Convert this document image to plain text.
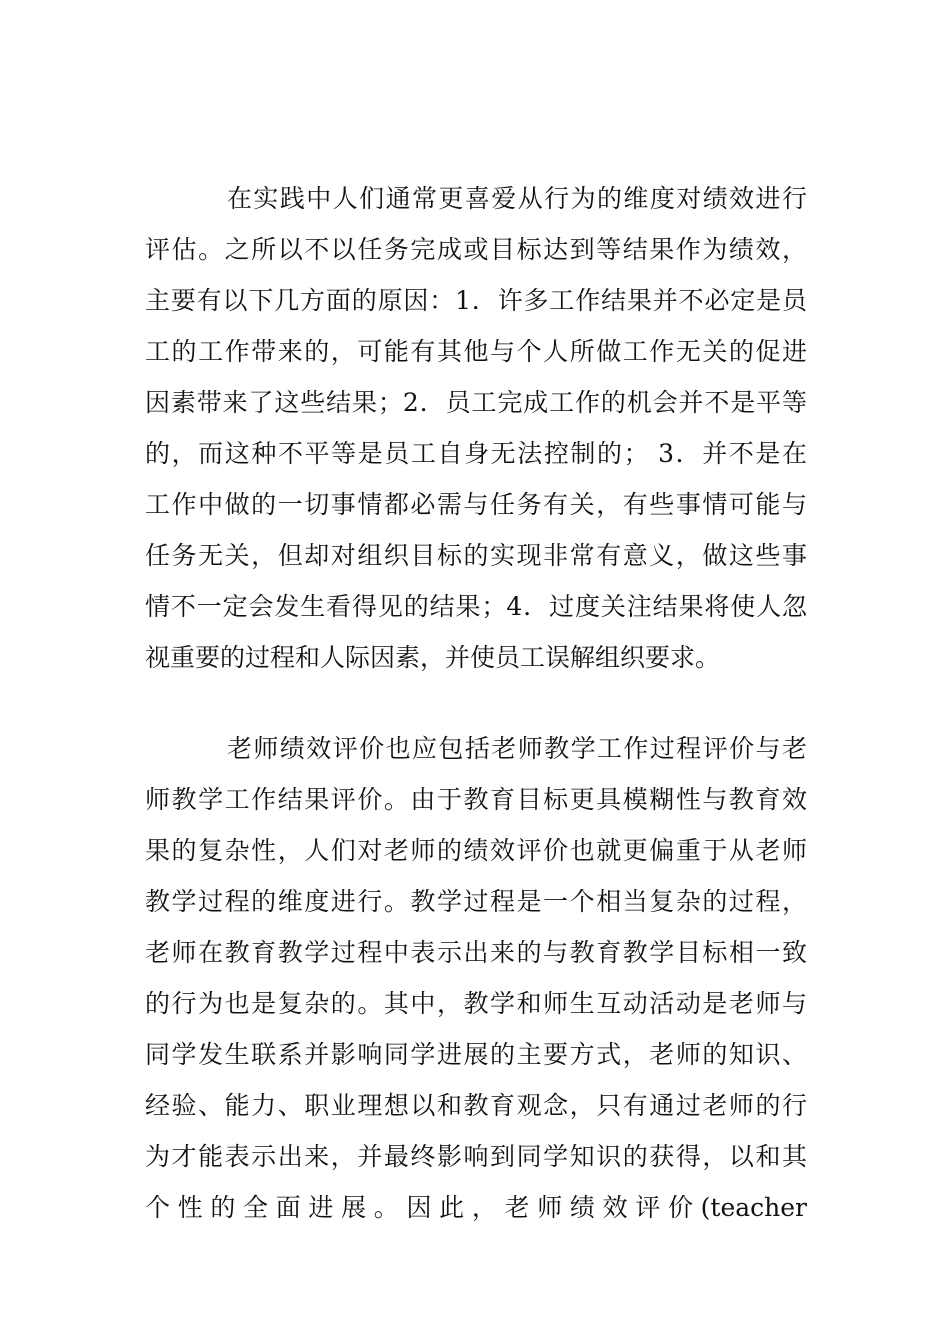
在实践中人们通常更喜爱从行为的维度对绩效进行
评估。之所以不以任务完成或目标达到等结果作为绩效，
主要有以下几方面的原因：1．许多工作结果并不必定是员
工的工作带来的，可能有其他与个人所做工作无关的促进
因素带来了这些结果；2．员工完成工作的机会并不是平等
的，而这种不平等是员工自身无法控制的； 3．并不是在
工作中做的一切事情都必需与任务有关，有些事情可能与
任务无关，但却对组织目标的实现非常有意义，做这些事
情不一定会发生看得见的结果；4．过度关注结果将使人忽
视重要的过程和人际因素，并使员工误解组织要求。
老师绩效评价也应包括老师教学工作过程评价与老
师教学工作结果评价。由于教育目标更具模糊性与教育效
果的复杂性，人们对老师的绩效评价也就更偏重于从老师
教学过程的维度进行。教学过程是一个相当复杂的过程，
老师在教育教学过程中表示出来的与教育教学目标相一致
的行为也是复杂的。其中，教学和师生互动活动是老师与
同学发生联系并影响同学进展的主要方式，老师的知识、
经验、能力、职业理想以和教育观念，只有通过老师的行
为才能表示出来，并最终影响到同学知识的获得，以和其
个性的全面进展。因此，老师绩效评价(teacher
